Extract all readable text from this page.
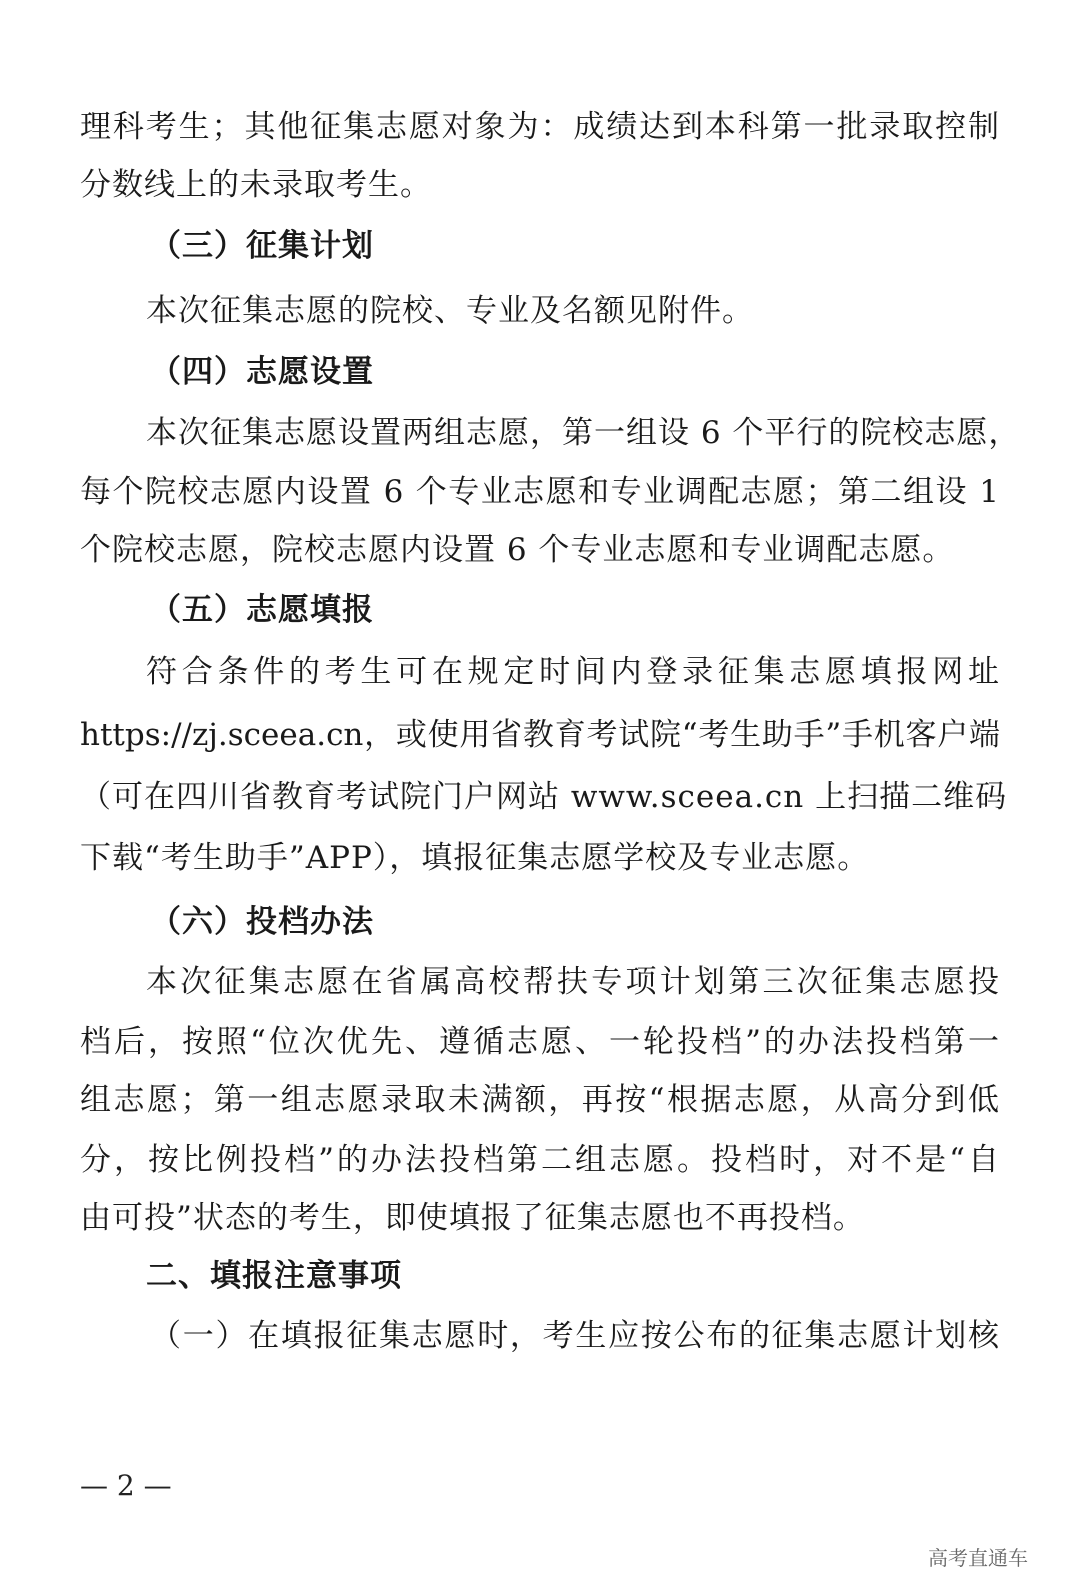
理科考生；其他征集志愿对象为：成绩达到本科第一批录取控制
分数线上的未录取考生。
（三）征集计划
本次征集志愿的院校、专业及名额见附件。
（四）志愿设置
本次征集志愿设置两组志愿，第一组设 6 个平行的院校志愿，
每个院校志愿内设置 6 个专业志愿和专业调配志愿；第二组设 1
个院校志愿，院校志愿内设置 6 个专业志愿和专业调配志愿。
（五）志愿填报
符合条件的考生可在规定时间内登录征集志愿填报网址
https://zj.sceea.cn，或使用省教育考试院“考生助手”手机客户端
（可在四川省教育考试院门户网站 www.sceea.cn 上扫描二维码
下载“考生助手”APP），填报征集志愿学校及专业志愿。
（六）投档办法
本次征集志愿在省属高校帮扶专项计划第三次征集志愿投
档后，按照“位次优先、遵循志愿、一轮投档”的办法投档第一
组志愿；第一组志愿录取未满额，再按“根据志愿，从高分到低
分，按比例投档”的办法投档第二组志愿。投档时，对不是“自
由可投”状态的考生，即使填报了征集志愿也不再投档。
二、填报注意事项
（一）在填报征集志愿时，考生应按公布的征集志愿计划核
— 2 —
高考直通车
